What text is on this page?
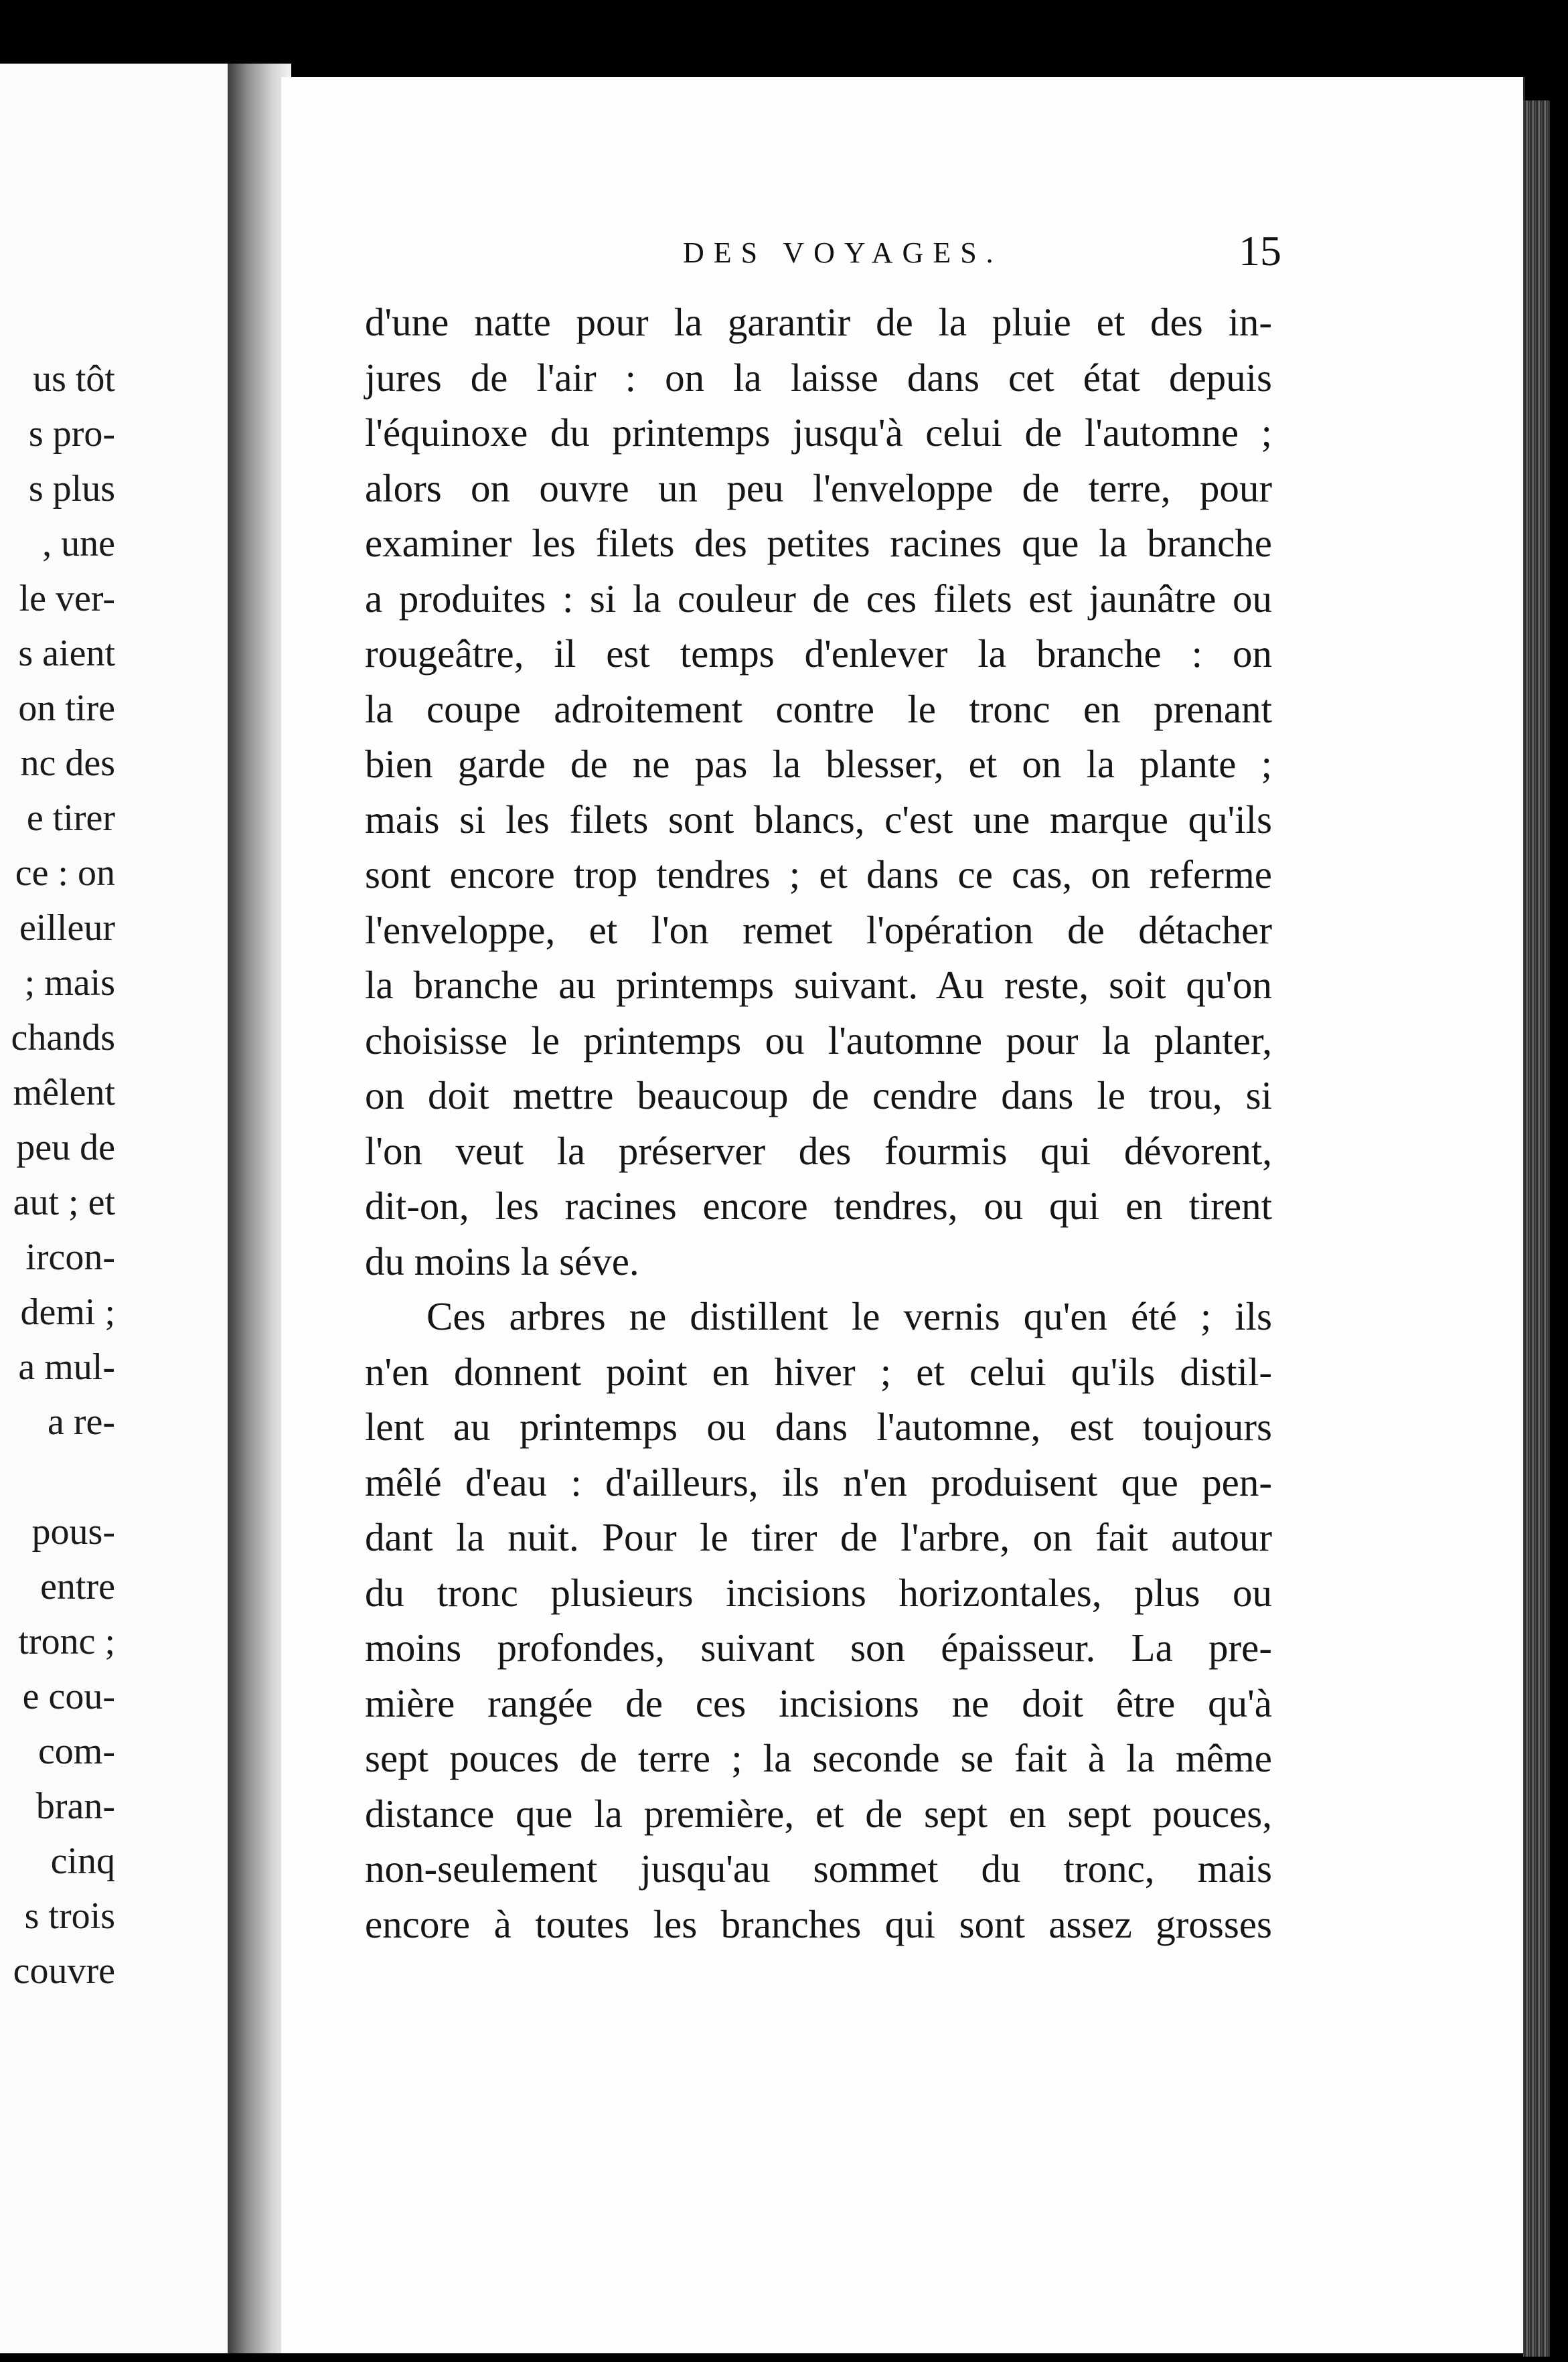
us tôt
s pro-
s plus
, une
le ver-
s aient
on tire
nc des
e tirer
ce : on
eilleur
; mais
chands
mêlent
peu de
aut ; et
ircon-
demi ;
a mul-
a re-
pous-
entre
tronc ;
e cou-
com-
bran-
cinq
s trois
couvre
DES VOYAGES.	15
d'une natte pour la garantir de la pluie et des in-
jures de l'air : on la laisse dans cet état depuis
l'équinoxe du printemps jusqu'à celui de l'automne ;
alors on ouvre un peu l'enveloppe de terre, pour
examiner les filets des petites racines que la branche
a produites : si la couleur de ces filets est jaunâtre ou
rougeâtre, il est temps d'enlever la branche : on
la coupe adroitement contre le tronc en prenant
bien garde de ne pas la blesser, et on la plante ;
mais si les filets sont blancs, c'est une marque qu'ils
sont encore trop tendres ; et dans ce cas, on referme
l'enveloppe, et l'on remet l'opération de détacher
la branche au printemps suivant. Au reste, soit qu'on
choisisse le printemps ou l'automne pour la planter,
on doit mettre beaucoup de cendre dans le trou, si
l'on veut la préserver des fourmis qui dévorent,
dit-on, les racines encore tendres, ou qui en tirent
du moins la séve.
Ces arbres ne distillent le vernis qu'en été ; ils
n'en donnent point en hiver ; et celui qu'ils distil-
lent au printemps ou dans l'automne, est toujours
mêlé d'eau : d'ailleurs, ils n'en produisent que pen-
dant la nuit. Pour le tirer de l'arbre, on fait autour
du tronc plusieurs incisions horizontales, plus ou
moins profondes, suivant son épaisseur. La pre-
mière rangée de ces incisions ne doit être qu'à
sept pouces de terre ; la seconde se fait à la même
distance que la première, et de sept en sept pouces,
non-seulement jusqu'au sommet du tronc, mais
encore à toutes les branches qui sont assez grosses
